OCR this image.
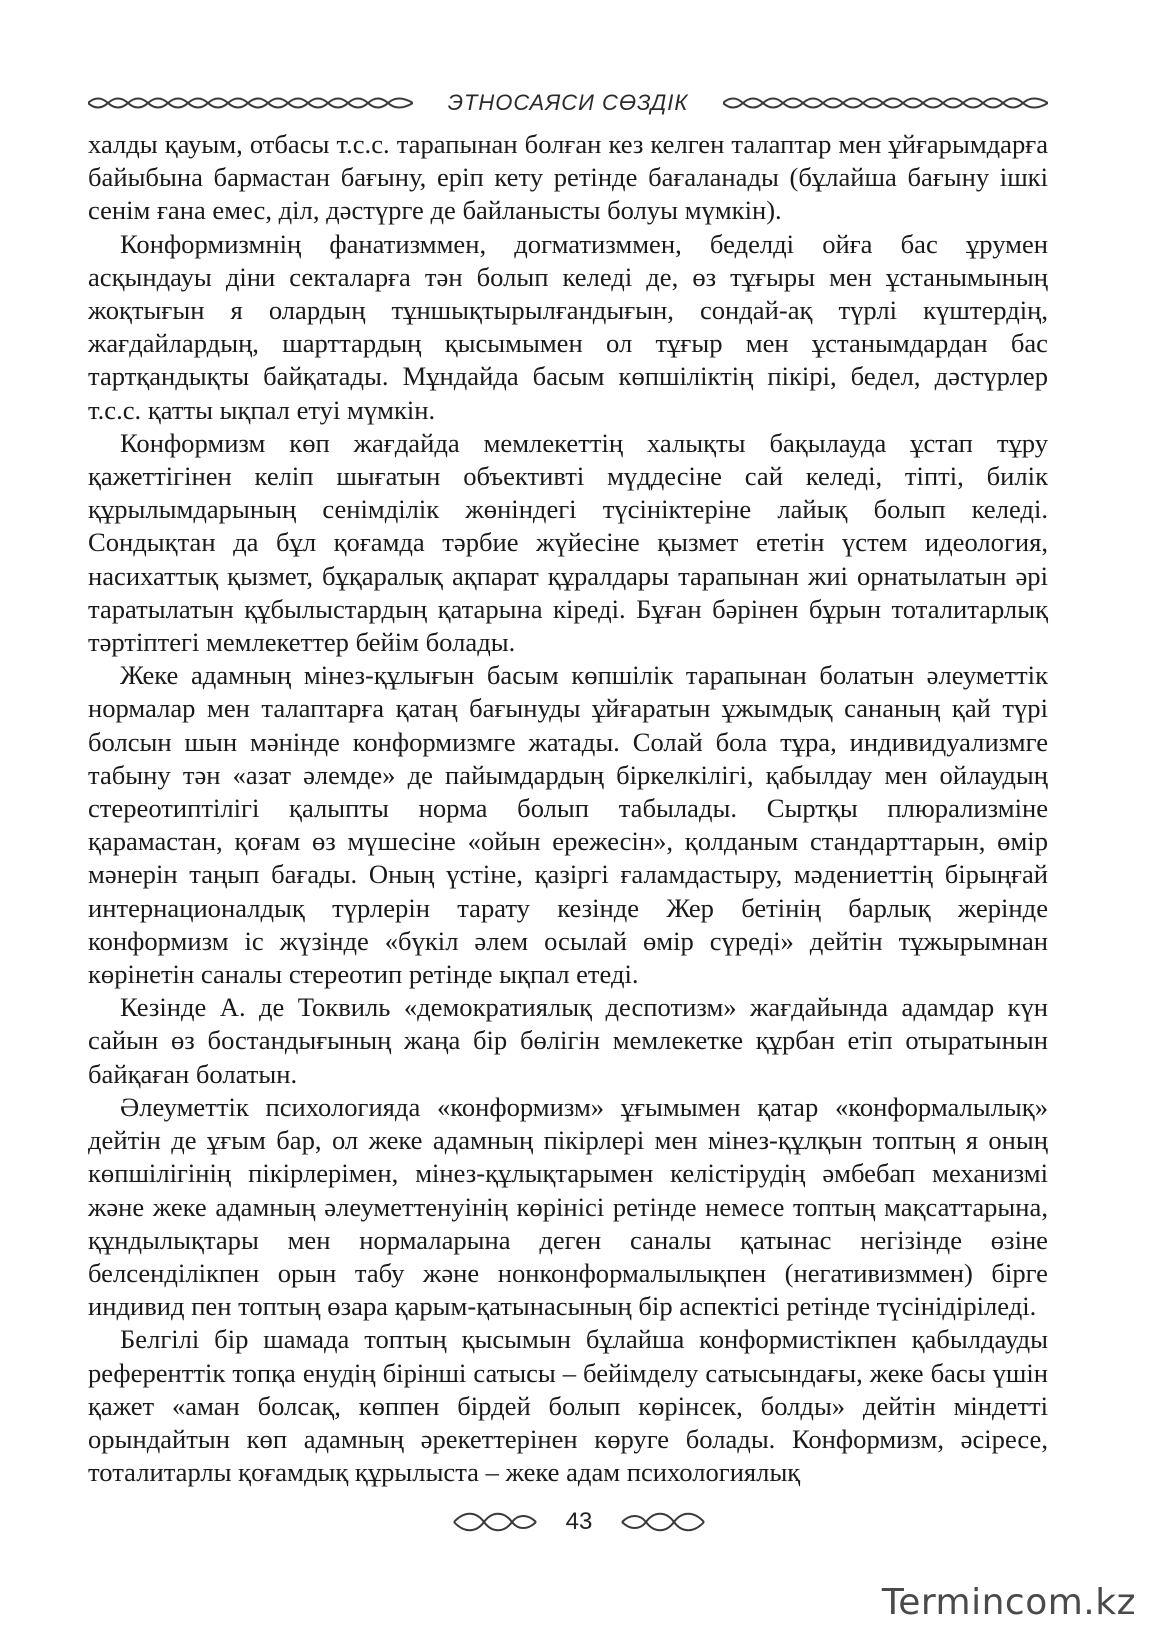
ЭТНОСАЯСИ СӨЗДІК

халды қауым, отбасы т.с.с. тарапынан болған кез келген талаптар мен ұйғарымдарға байыбына бармастан бағыну, еріп кету ретінде бағаланады (бұлайша бағыну ішкі сенім ғана емес, діл, дәстүрге де байланысты болуы мүмкін).

Конформизмнің фанатизммен, догматизммен, беделді ойға бас ұрумен асқындауы діни секталарға тән болып келеді де, өз тұғыры мен ұстанымының жоқтығын я олардың тұншықтырылғандығын, сондай-ақ түрлі күштердің, жағдайлардың, шарттардың қысымымен ол тұғыр мен ұстанымдардан бас тартқандықты байқатады. Мұндайда басым көпшіліктің пікірі, бедел, дәстүрлер т.с.с. қатты ықпал етуі мүмкін.

Конформизм көп жағдайда мемлекеттің халықты бақылауда ұстап тұру қажеттігінен келіп шығатын объективті мүддесіне сай келеді, тіпті, билік құрылымдарының сенімділік жөніндегі түсініктеріне лайық болып келеді. Сондықтан да бұл қоғамда тәрбие жүйесіне қызмет ететін үстем идеология, насихаттық қызмет, бұқаралық ақпарат құралдары тарапынан жиі орнатылатын әрі таратылатын құбылыстардың қатарына кіреді. Бұған бәрінен бұрын тоталитарлық тәртіптегі мемлекеттер бейім болады.

Жеке адамның мінез-құлығын басым көпшілік тарапынан болатын әлеуметтік нормалар мен талаптарға қатаң бағынуды ұйғаратын ұжымдық сананың қай түрі болсын шын мәнінде конформизмге жатады. Солай бола тұра, индивидуализмге табыну тән «азат әлемде» де пайымдардың біркелкілігі, қабылдау мен ойлаудың стереотиптілігі қалыпты норма болып табылады. Сыртқы плюрализміне қарамастан, қоғам өз мүшесіне «ойын ережесін», қолданым стандарттарын, өмір мәнерін таңып бағады. Оның үстіне, қазіргі ғаламдастыру, мәдениеттің бірыңғай интернационалдық түрлерін тарату кезінде Жер бетінің барлық жерінде конформизм іс жүзінде «бүкіл әлем осылай өмір сүреді» дейтін тұжырымнан көрінетін саналы стереотип ретінде ықпал етеді.

Кезінде А. де Токвиль «демократиялық деспотизм» жағдайында адамдар күн сайын өз бостандығының жаңа бір бөлігін мемлекетке құрбан етіп отыратынын байқаған болатын.

Әлеуметтік психологияда «конформизм» ұғымымен қатар «конформалылық» дейтін де ұғым бар, ол жеке адамның пікірлері мен мінез-құлқын топтың я оның көпшілігінің пікірлерімен, мінез-құлықтарымен келістірудің әмбебап механизмі және жеке адамның әлеуметтенуінің көрінісі ретінде немесе топтың мақсаттарына, құндылықтары мен нормаларына деген саналы қатынас негізінде өзіне белсенділікпен орын табу және нонконформалылықпен (негативизммен) бірге индивид пен топтың өзара қарым-қатынасының бір аспектісі ретінде түсінідіріледі.

Белгілі бір шамада топтың қысымын бұлайша конформистікпен қабылдауды референттік топқа енудің бірінші сатысы – бейімделу сатысындағы, жеке басы үшін қажет «аман болсақ, көппен бірдей болып көрінсек, болды» дейтін міндетті орындайтын көп адамның әрекеттерінен көруге болады. Конформизм, әсіресе, тоталитарлы қоғамдық құрылыста – жеке адам психологиялық

43
Termincom.kz
